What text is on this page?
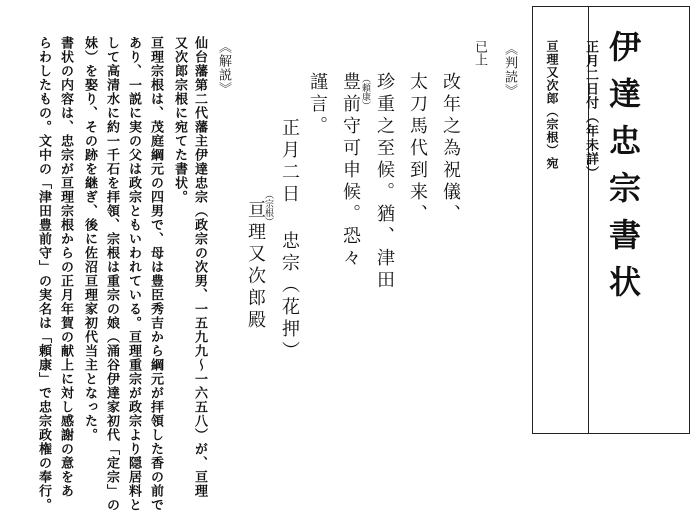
伊達忠宗書状
正月二日付（年未詳）
亘理又次郎（宗根）宛
《判読》
已上
改年之為祝儀、
太刀馬代到来、
珍重之至候。猶、津田
（頼康）
豊前守可申候。恐々
謹言。
正月二日 忠宗（花押）
（宗根）
亘理又次郎殿
《解説》
仙台藩第二代藩主伊達忠宗（政宗の次男、一五九九～一六五八）が、亘理
又次郎宗根に宛てた書状。
亘理宗根は、茂庭綱元の四男で、母は豊臣秀吉から綱元が拝領した香の前で
あり、一説に実の父は政宗ともいわれている。亘理重宗が政宗より隠居料と
して高清水に約一千石を拝領、宗根は重宗の娘（涌谷伊達家初代「定宗」の
妹）を娶り、その跡を継ぎ、後に佐沼亘理家初代当主となった。
書状の内容は、忠宗が亘理宗根からの正月年賀の献上に対し感謝の意をあ
らわしたもの。文中の「津田豊前守」の実名は「頼康」で忠宗政権の奉行。
